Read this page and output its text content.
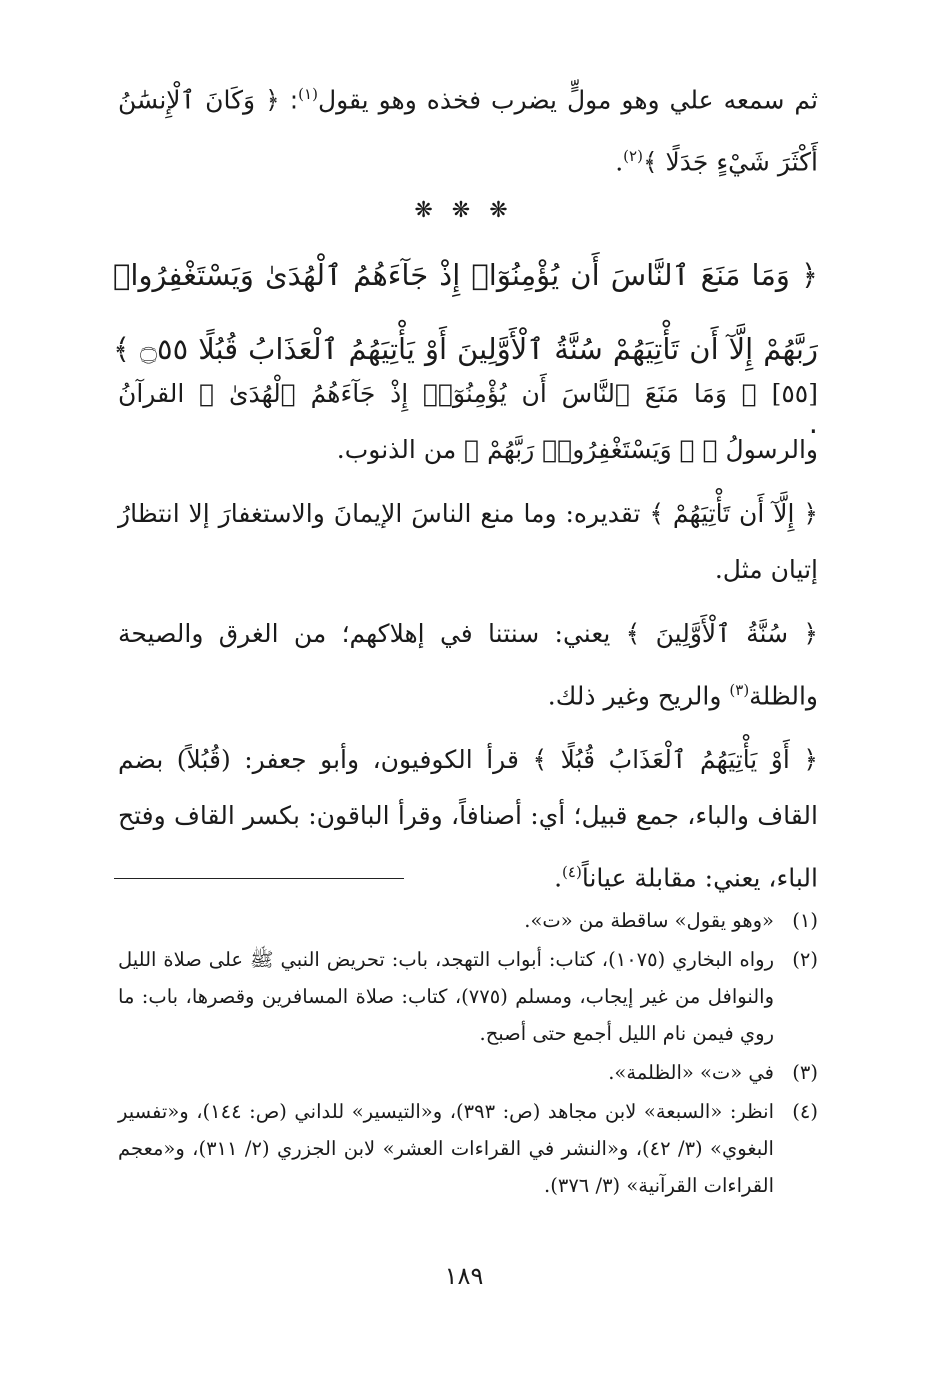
ثم سمعه علي وهو مولٍّ يضرب فخذه وهو يقول$^{(١)}$: ﴿ وَكَانَ ٱلْإِنسَٰنُ أَكْثَرَ شَيْءٍ جَدَلًا ﴾$^{(٢)}$.

❋ ❋ ❋
﴿ وَمَا مَنَعَ ٱلنَّاسَ أَن يُؤْمِنُوٓا۟ إِذْ جَآءَهُمُ ٱلْهُدَىٰ وَيَسْتَغْفِرُوا۟ رَبَّهُمْ إِلَّآ أَن تَأْتِيَهُمْ سُنَّةُ ٱلْأَوَّلِينَ أَوْ يَأْتِيَهُمُ ٱلْعَذَابُ قُبُلًا ۝٥٥ ﴾ .

[٥٥] ﴿ وَمَا مَنَعَ ٱلنَّاسَ أَن يُؤْمِنُوٓا۟ إِذْ جَآءَهُمُ ٱلْهُدَىٰ ﴾ القرآنُ والرسولُ ﷺ ﴿ وَيَسْتَغْفِرُوا۟ رَبَّهُمْ ﴾ من الذنوب.

﴿ إِلَّآ أَن تَأْتِيَهُمْ ﴾ تقديره: وما منع الناسَ الإيمانَ والاستغفارَ إلا انتظارُ إتيان مثل.

﴿ سُنَّةُ ٱلْأَوَّلِينَ ﴾ يعني: سنتنا في إهلاكهم؛ من الغرق والصيحة والظلة$^{(٣)}$ والريح وغير ذلك.

﴿ أَوْ يَأْتِيَهُمُ ٱلْعَذَابُ قُبُلًا ﴾ قرأ الكوفيون، وأبو جعفر: (قُبُلاً) بضم القاف والباء، جمع قبيل؛ أي: أصنافاً، وقرأ الباقون: بكسر القاف وفتح الباء، يعني: مقابلة عياناً$^{(٤)}$.

(١)
«وهو يقول» ساقطة من «ت».
(٢)
رواه البخاري (١٠٧٥)، كتاب: أبواب التهجد، باب: تحريض النبي ﷺ على صلاة الليل والنوافل من غير إيجاب، ومسلم (٧٧٥)، كتاب: صلاة المسافرين وقصرها، باب: ما روي فيمن نام الليل أجمع حتى أصبح.
(٣)
في «ت» «الظلمة».
(٤)
انظر: «السبعة» لابن مجاهد (ص: ٣٩٣)، و«التيسير» للداني (ص: ١٤٤)، و«تفسير البغوي» (٣/ ٤٢)، و«النشر في القراءات العشر» لابن الجزري (٢/ ٣١١)، و«معجم القراءات القرآنية» (٣/ ٣٧٦).
١٨٩
